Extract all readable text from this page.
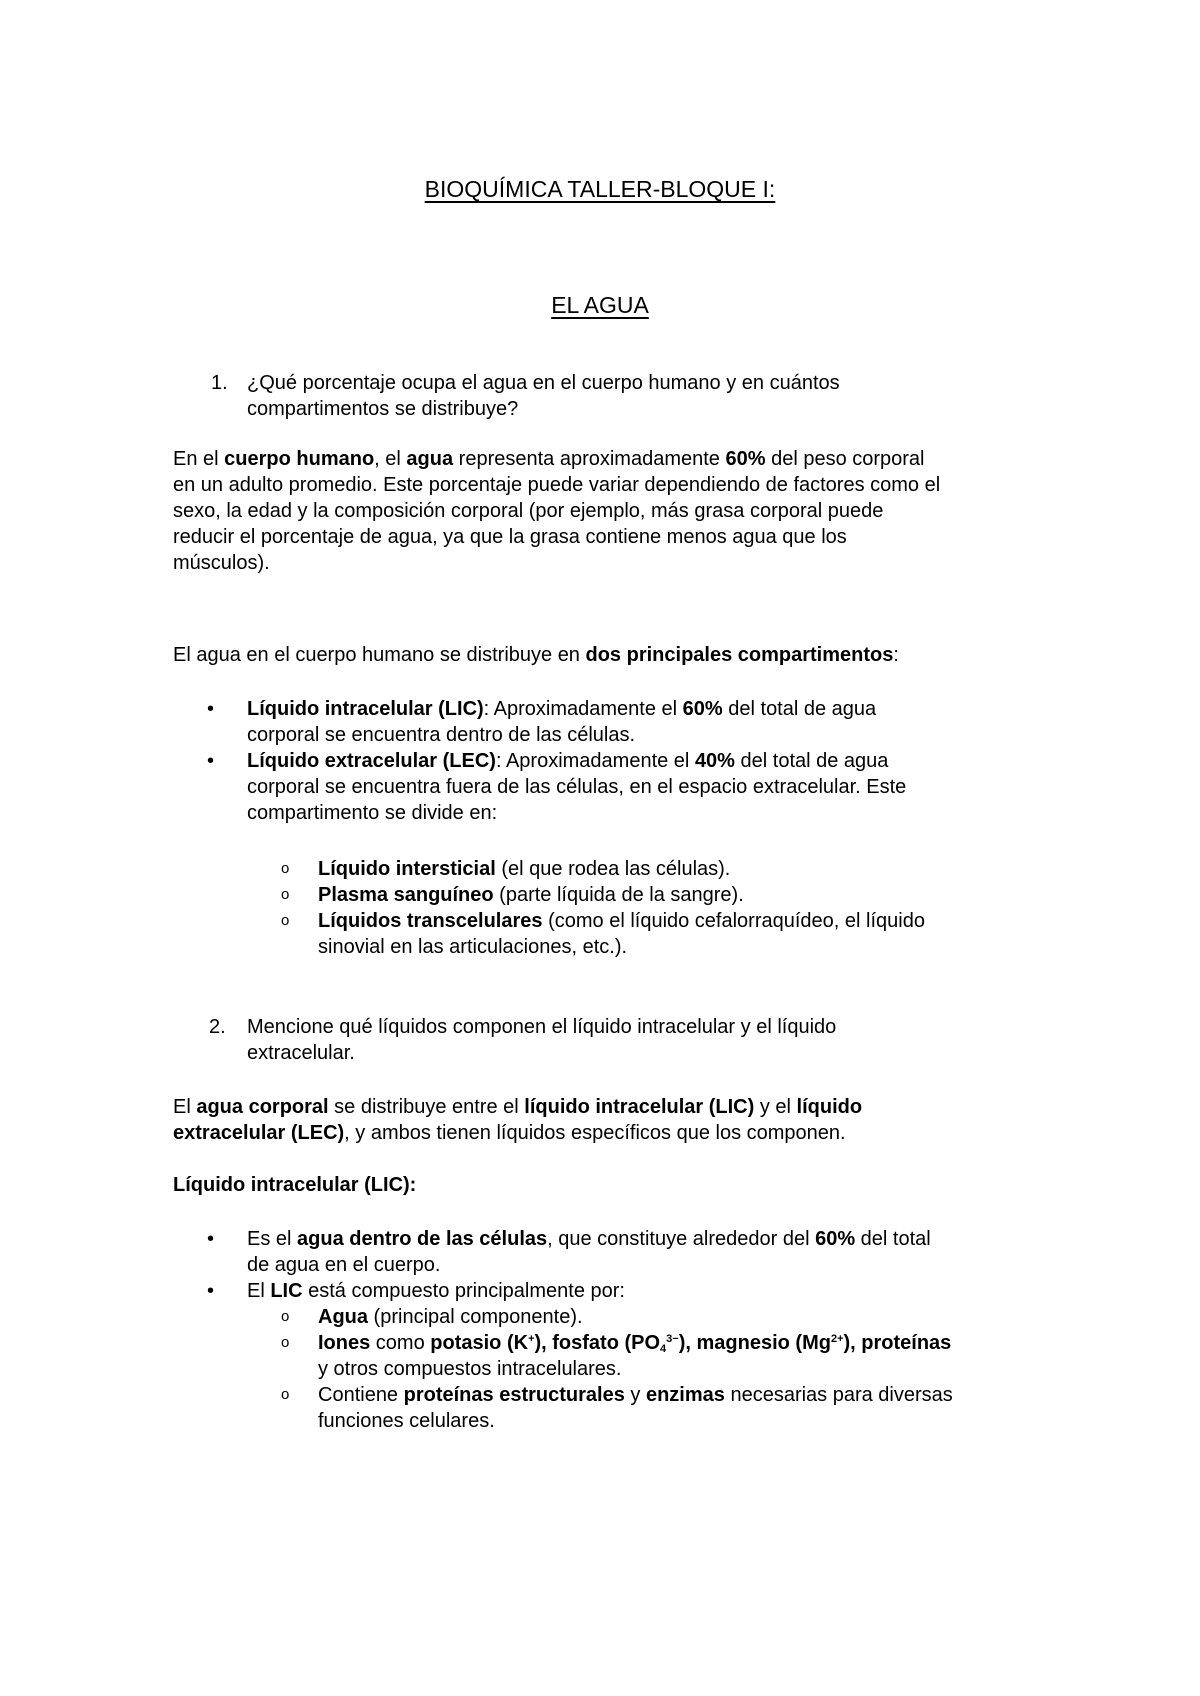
BIOQUÍMICA TALLER-BLOQUE I:
EL AGUA
1. ¿Qué porcentaje ocupa el agua en el cuerpo humano y en cuántos
compartimentos se distribuye?
En el cuerpo humano, el agua representa aproximadamente 60% del peso corporal
en un adulto promedio. Este porcentaje puede variar dependiendo de factores como el
sexo, la edad y la composición corporal (por ejemplo, más grasa corporal puede
reducir el porcentaje de agua, ya que la grasa contiene menos agua que los
músculos).
El agua en el cuerpo humano se distribuye en dos principales compartimentos:
• Líquido intracelular (LIC): Aproximadamente el 60% del total de agua
corporal se encuentra dentro de las células.
• Líquido extracelular (LEC): Aproximadamente el 40% del total de agua
corporal se encuentra fuera de las células, en el espacio extracelular. Este
compartimento se divide en:
o Líquido intersticial (el que rodea las células).
o Plasma sanguíneo (parte líquida de la sangre).
o Líquidos transcelulares (como el líquido cefalorraquídeo, el líquido
sinovial en las articulaciones, etc.).
2. Mencione qué líquidos componen el líquido intracelular y el líquido
extracelular.
El agua corporal se distribuye entre el líquido intracelular (LIC) y el líquido
extracelular (LEC), y ambos tienen líquidos específicos que los componen.
Líquido intracelular (LIC):
• Es el agua dentro de las células, que constituye alrededor del 60% del total
de agua en el cuerpo.
• El LIC está compuesto principalmente por:
o Agua (principal componente).
o Iones como potasio (K+), fosfato $(PO_4^{3-})$, magnesio $(Mg^{2+})$, proteínas
y otros compuestos intracelulares.
o Contiene proteínas estructurales y enzimas necesarias para diversas
funciones celulares.
